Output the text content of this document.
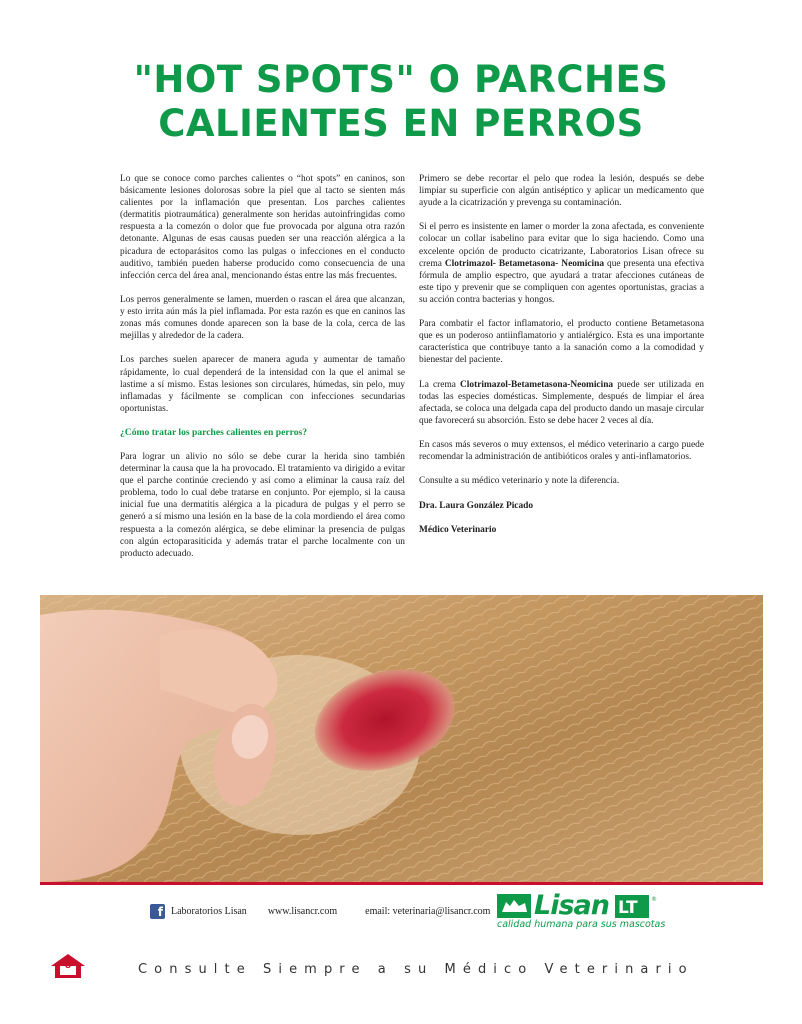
"HOT SPOTS" O PARCHES
CALIENTES EN PERROS

Lo que se conoce como parches calientes o “hot spots” en caninos, son básicamente lesiones dolorosas sobre la piel que al tacto se sienten más calientes por la inflamación que presentan. Los parches calientes (dermatitis piotraumática) generalmente son heridas autoinfringidas como respuesta a la comezón o dolor que fue provocada por alguna otra razón detonante. Algunas de esas causas pueden ser una reacción alérgica a la picadura de ectoparásitos como las pulgas o infecciones en el conducto auditivo, también pueden haberse producido como consecuencia de una infección cerca del área anal, mencionando éstas entre las más frecuentes.

Los perros generalmente se lamen, muerden o rascan el área que alcanzan, y esto irrita aún más la piel inflamada. Por esta razón es que en caninos las zonas más comunes donde aparecen son la base de la cola, cerca de las mejillas y alrededor de la cadera.

Los parches suelen aparecer de manera aguda y aumentar de tamaño rápidamente, lo cual dependerá de la intensidad con la que el animal se lastime a sí mismo. Estas lesiones son circulares, húmedas, sin pelo, muy inflamadas y fácilmente se complican con infecciones secundarias oportunistas.

¿Cómo tratar los parches calientes en perros?

Para lograr un alivio no sólo se debe curar la herida sino también determinar la causa que la ha provocado. El tratamiento va dirigido a evitar que el parche continúe creciendo y así como a eliminar la causa raíz del problema, todo lo cual debe tratarse en conjunto. Por ejemplo, si la causa inicial fue una dermatitis alérgica a la picadura de pulgas y el perro se generó a sí mismo una lesión en la base de la cola mordiendo el área como respuesta a la comezón alérgica, se debe eliminar la presencia de pulgas con algún ectoparasiticida y además tratar el parche localmente con un producto adecuado.

Primero se debe recortar el pelo que rodea la lesión, después se debe limpiar su superficie con algún antiséptico y aplicar un medicamento que ayude a la cicatrización y prevenga su contaminación.

Si el perro es insistente en lamer o morder la zona afectada, es conveniente colocar un collar isabelino para evitar que lo siga haciendo. Como una excelente opción de producto cicatrizante, Laboratorios Lisan ofrece su crema Clotrimazol- Betametasona- Neomicina que presenta una efectiva fórmula de amplio espectro, que ayudará a tratar afecciones cutáneas de este tipo y prevenir que se compliquen con agentes oportunistas, gracias a su acción contra bacterias y hongos.

Para combatir el factor inflamatorio, el producto contiene Betametasona que es un poderoso antiinflamatorio y antialérgico. Esta es una importante característica que contribuye tanto a la sanación como a la comodidad y bienestar del paciente.

La crema Clotrimazol-Betametasona-Neomicina puede ser utilizada en todas las especies domésticas. Simplemente, después de limpiar el área afectada, se coloca una delgada capa del producto dando un masaje circular que favorecerá su absorción. Esto se debe hacer 2 veces al día.

En casos más severos o muy extensos, el médico veterinario a cargo puede recomendar la administración de antibióticos orales y anti-inflamatorios.

Consulte a su médico veterinario y note la diferencia.

Dra. Laura González Picado

Médico Veterinario

f Laboratorios Lisan www.lisancr.com	email: veterinaria@lisancr.com	LT ®
Lisan
calidad humana para sus mascotas
8	Consulte Siempre a su Médico Veterinario
